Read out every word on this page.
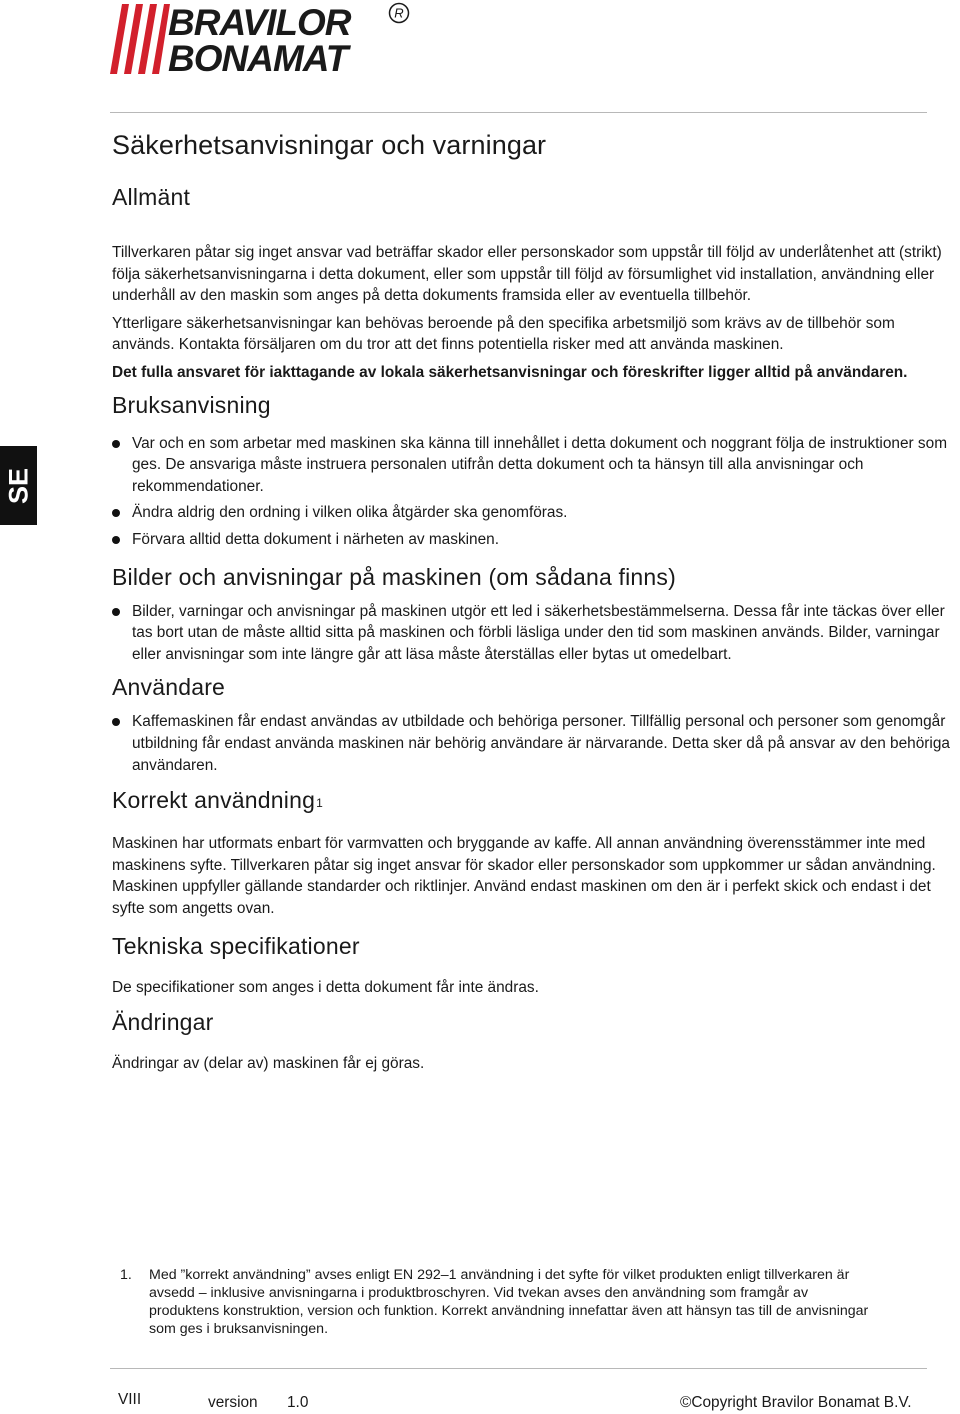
BRAVILOR
BONAMAT
R
SE
Säkerhetsanvisningar och varningar
Allmänt

Tillverkaren påtar sig inget ansvar vad beträffar skador eller personskador som uppstår till följd av underlåtenhet att (strikt) följa säkerhetsanvisningarna i detta dokument, eller som uppstår till följd av försumlighet vid installation, användning eller underhåll av den maskin som anges på detta dokuments framsida eller av eventuella tillbehör.

Ytterligare säkerhetsanvisningar kan behövas beroende på den specifika arbetsmiljö som krävs av de tillbehör som används. Kontakta försäljaren om du tror att det finns potentiella risker med att använda maskinen.

Det fulla ansvaret för iakttagande av lokala säkerhetsanvisningar och föreskrifter ligger alltid på användaren.

Bruksanvisning
Var och en som arbetar med maskinen ska känna till innehållet i detta dokument och noggrant följa de instruktioner som ges. De ansvariga måste instruera personalen utifrån detta dokument och ta hänsyn till alla anvisningar och rekommendationer.
Ändra aldrig den ordning i vilken olika åtgärder ska genomföras.
Förvara alltid detta dokument i närheten av maskinen.
Bilder och anvisningar på maskinen (om sådana finns)
Bilder, varningar och anvisningar på maskinen utgör ett led i säkerhetsbestämmelserna. Dessa får inte täckas över eller tas bort utan de måste alltid sitta på maskinen och förbli läsliga under den tid som maskinen används. Bilder, varningar eller anvisningar som inte längre går att läsa måste återställas eller bytas ut omedelbart.
Användare
Kaffemaskinen får endast användas av utbildade och behöriga personer. Tillfällig personal och personer som genomgår utbildning får endast använda maskinen när behörig användare är närvarande. Detta sker då på ansvar av den behöriga användaren.
Korrekt användning$^1$

Maskinen har utformats enbart för varmvatten och bryggande av kaffe. All annan användning överensstämmer inte med maskinens syfte. Tillverkaren påtar sig inget ansvar för skador eller personskador som uppkommer ur sådan användning. Maskinen uppfyller gällande standarder och riktlinjer. Använd endast maskinen om den är i perfekt skick och endast i det syfte som angetts ovan.

Tekniska specifikationer

De specifikationer som anges i detta dokument får inte ändras.

Ändringar

Ändringar av (delar av) maskinen får ej göras.

1. Med ”korrekt användning” avses enligt EN 292–1 användning i det syfte för vilket produkten enligt tillverkaren är avsedd – inklusive anvisningarna i produktbroschyren. Vid tvekan avses den användning som framgår av produktens konstruktion, version och funktion. Korrekt användning innefattar även att hänsyn tas till de anvisningar som ges i bruksanvisningen.
VIII	version 1.0	©Copyright Bravilor Bonamat B.V.
